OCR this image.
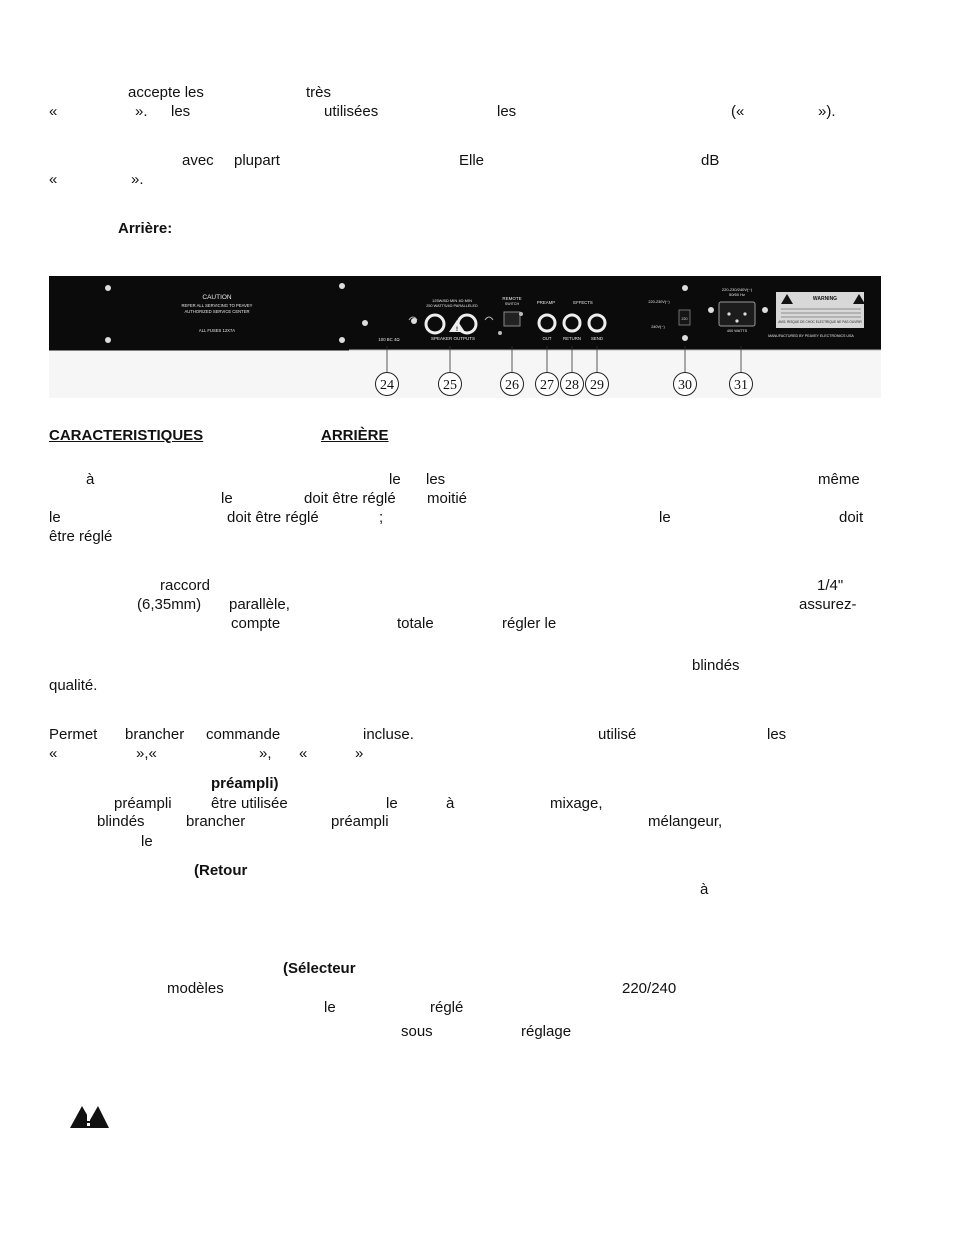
accepte les	très
«	». les	utilisées	les	(«	»).
avec plupart	Elle	dB
«	».
Arrière:
CARACTERISTIQUES	ARRIÈRE
à	le les	même
le	doit être réglé moitié
le	doit être réglé	;	le	doit
être réglé
raccord	1/4"
(6,35mm) parallèle,	assurez-
compte	totale	régler le
blindés
qualité.
Permet brancher commande	incluse.	utilisé	les
«	»,«	», «	»
préampli)
préampli	être utilisée	le	à	mixage,
blindés	brancher	préampli	mélangeur,
le
(Retour
à
(Sélecteur
modèles	220/240
le	réglé
sous	réglage
CAUTION
REFER ALL SERVICING TO PEAVEY
AUTHORIZED SERVICE CENTER
ALL FUSES 12X7A
125W/8Ω MIN 4Ω MIN
250 WATTS/4Ω PARALLELED
100 BC 4Ω	SPEAKER OUTPUTS
REMOTE
SWITCH	PREAMP	EFFECTS
OUT	RETURN SEND
220-230V(~)
240V(~)
220-230/240V(~)
50/60 Hz
400 WATTS
MANUFACTURED BY PEAVEY ELECTRONICS USA
!
220
WARNING
AVIS: RISQUE DE CHOC ELECTRIQUE NE PAS OUVRIR
24	25	26 27 28 29	30	31
